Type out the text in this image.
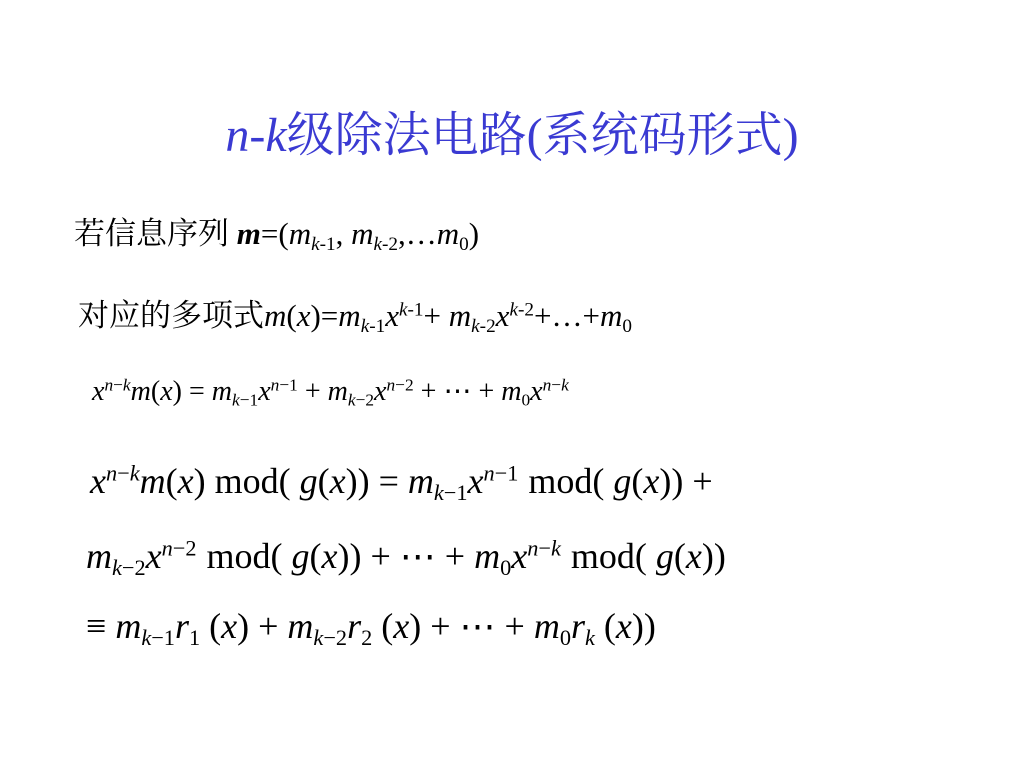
n-k级除法电路(系统码形式)
若信息序列 $m=(m_{k-1}$, $m_{k-2},\dots m_0$)
对应的多项式$m(x)=m_{k-1}x^{k-1}+$ $m_{k-2}x^{k-2}+\dots+m_0$
$x^{n-k}m(x) = m_{k-1}x^{n-1} + m_{k-2}x^{n-2}$ + ⋯ + $m_0x^{n-k}$
$x^{n-k}m(x)$ mod( $g(x)) = m_{k-1}x^{n-1}$ mod( g(x)) +
$m_{k-2}x^{n-2}$ mod( g(x)) + ⋯ + $m_0x^{n-k}$ mod( g(x))
≡ $m_{k-1}r_1$ $(x) + m_{k-2}r_2$ (x) + ⋯ + $m_0r_k$ (x))
